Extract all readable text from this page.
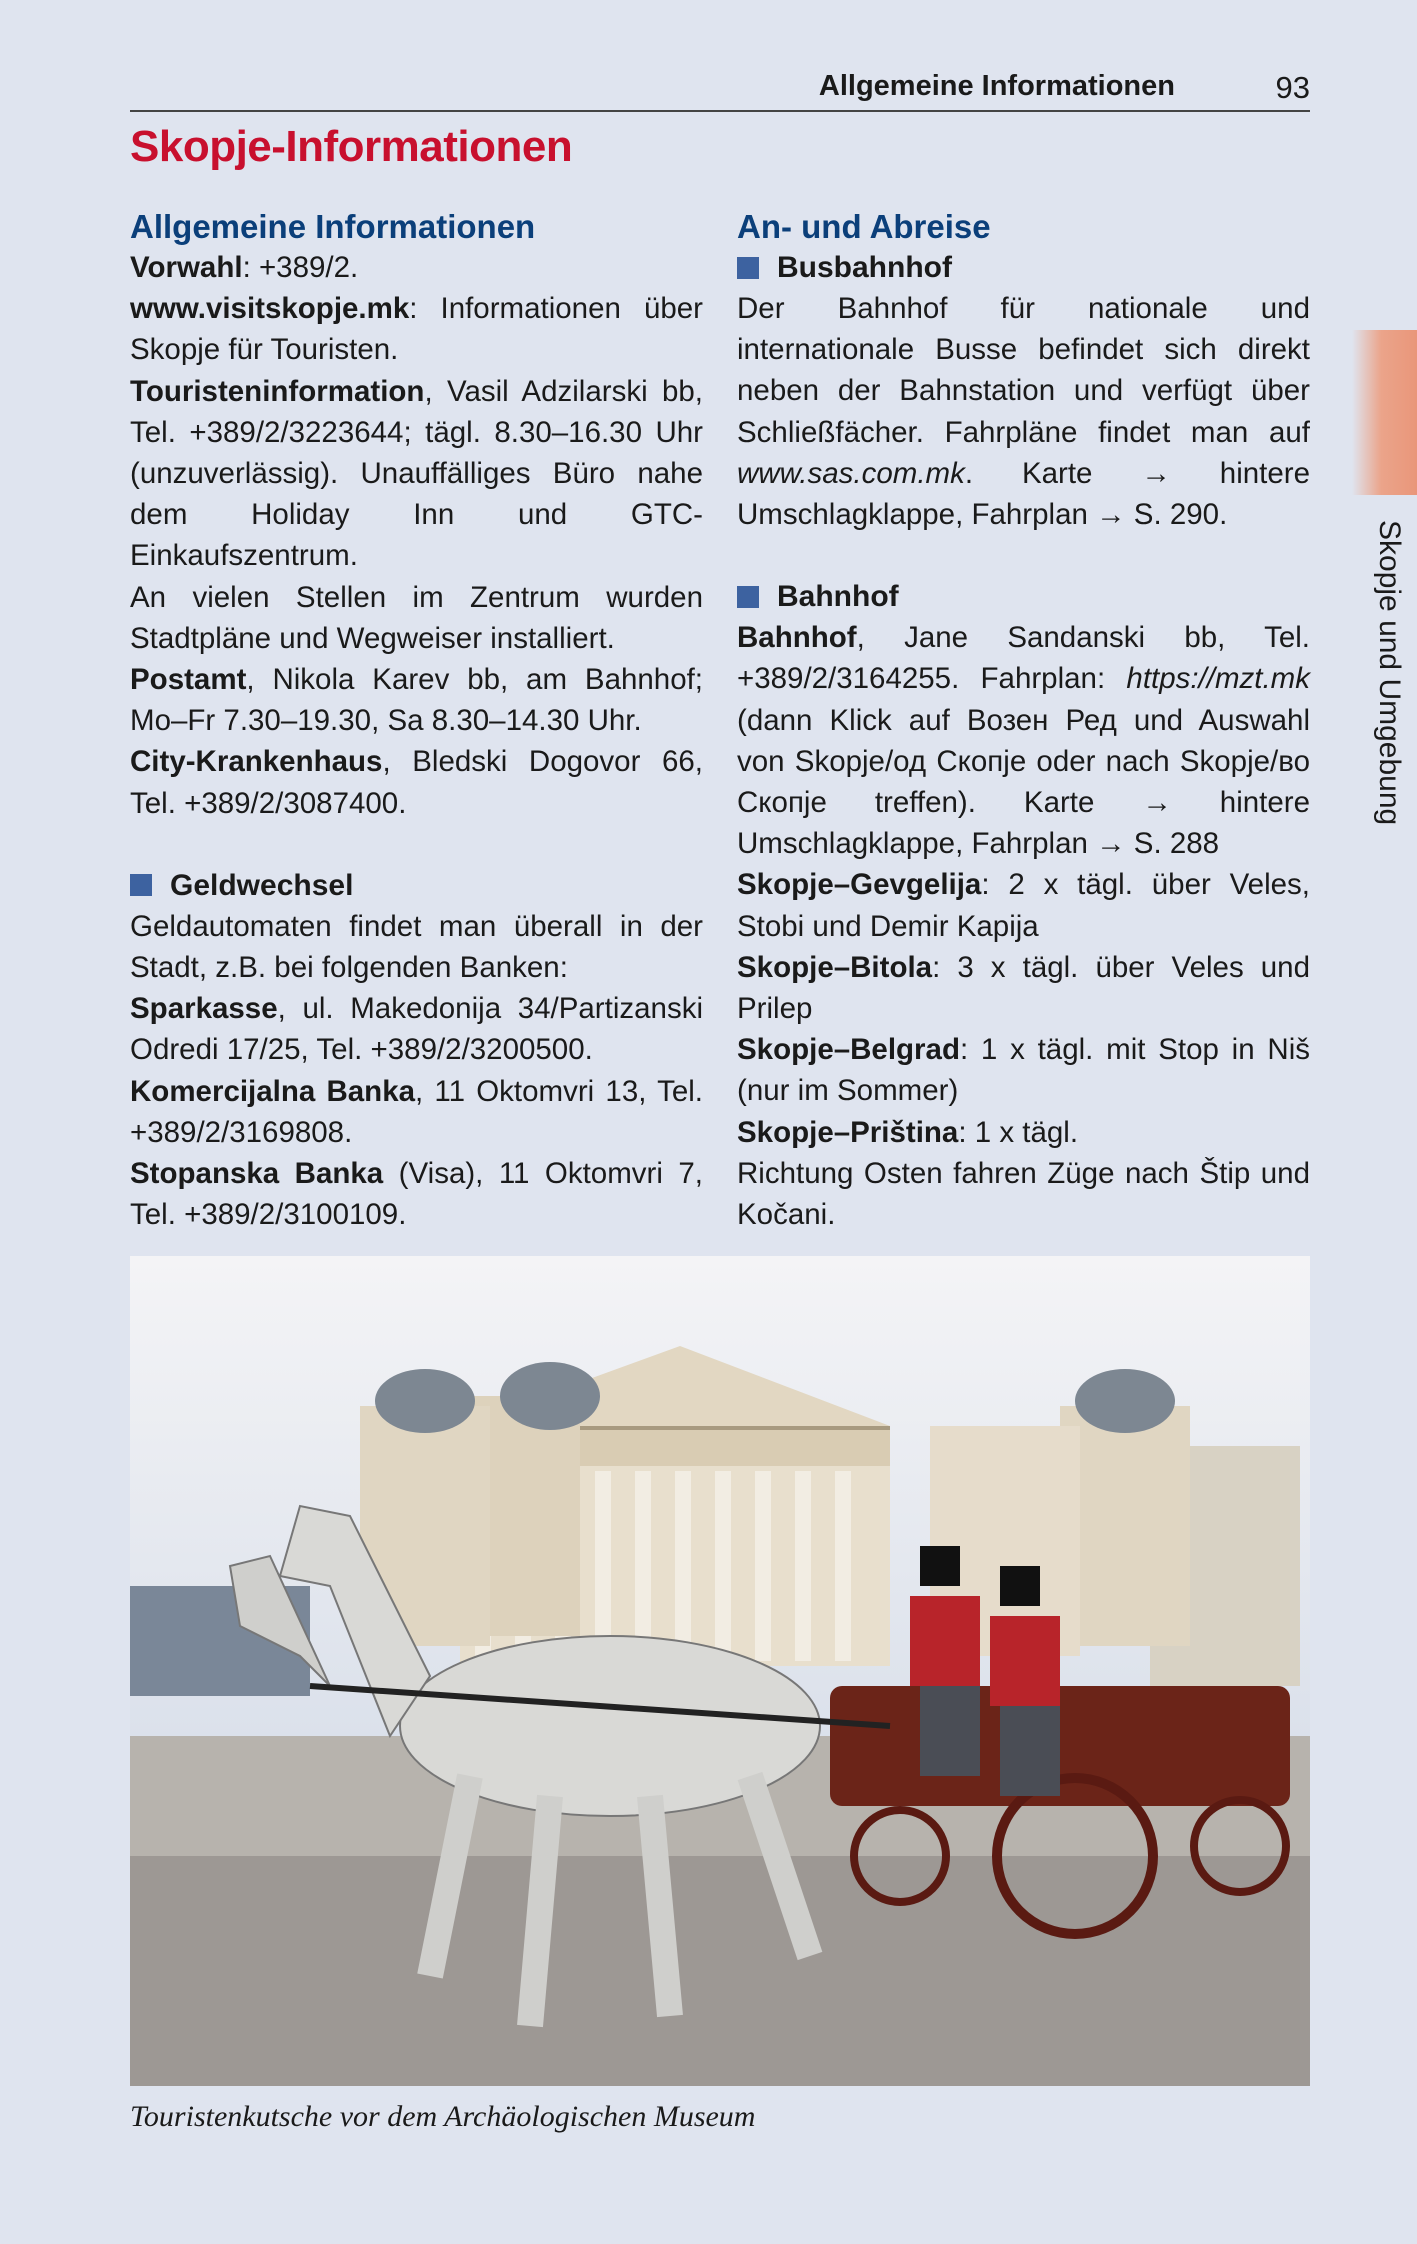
Allgemeine Informationen	93
Skopje-Informationen
Allgemeine Informationen

Vorwahl: +389/2.

www.visitskopje.mk: Informationen über Skopje für Touristen.

Touristeninformation, Vasil Adzilarski bb, Tel. +389/2/3223644; tägl. 8.30–16.30 Uhr (unzuverlässig). Unauffälliges Büro nahe dem Holiday Inn und GTC-Einkaufszentrum.

An vielen Stellen im Zentrum wurden Stadtpläne und Wegweiser installiert.

Postamt, Nikola Karev bb, am Bahnhof; Mo–Fr 7.30–19.30, Sa 8.30–14.30 Uhr.

City-Krankenhaus, Bledski Dogovor 66, Tel. +389/2/3087400.

Geldwechsel

Geldautomaten findet man überall in der Stadt, z.B. bei folgenden Banken:

Sparkasse, ul. Makedonija 34/Partizanski Odredi 17/25, Tel. +389/2/3200500.

Komercijalna Banka, 11 Oktomvri 13, Tel. +389/2/3169808.

Stopanska Banka (Visa), 11 Oktomvri 7, Tel. +389/2/3100109.

An- und Abreise
Busbahnhof

Der Bahnhof für nationale und internationale Busse befindet sich direkt neben der Bahnstation und verfügt über Schließfächer. Fahrpläne findet man auf www.sas.com.mk. Karte → hintere Umschlagklappe, Fahrplan → S. 290.

Bahnhof

Bahnhof, Jane Sandanski bb, Tel. +389/2/3164255. Fahrplan: https://mzt.mk (dann Klick auf Возен Ред und Auswahl von Skopje/од Скопје oder nach Skopje/во Скопје treffen). Karte → hintere Umschlagklappe, Fahrplan → S. 288

Skopje–Gevgelija: 2 x tägl. über Veles, Stobi und Demir Kapija

Skopje–Bitola: 3 x tägl. über Veles und Prilep

Skopje–Belgrad: 1 x tägl. mit Stop in Niš (nur im Sommer)

Skopje–Priština: 1 x tägl.

Richtung Osten fahren Züge nach Štip und Kočani.

Skopje und Umgebung
Touristenkutsche vor dem Archäologischen Museum
